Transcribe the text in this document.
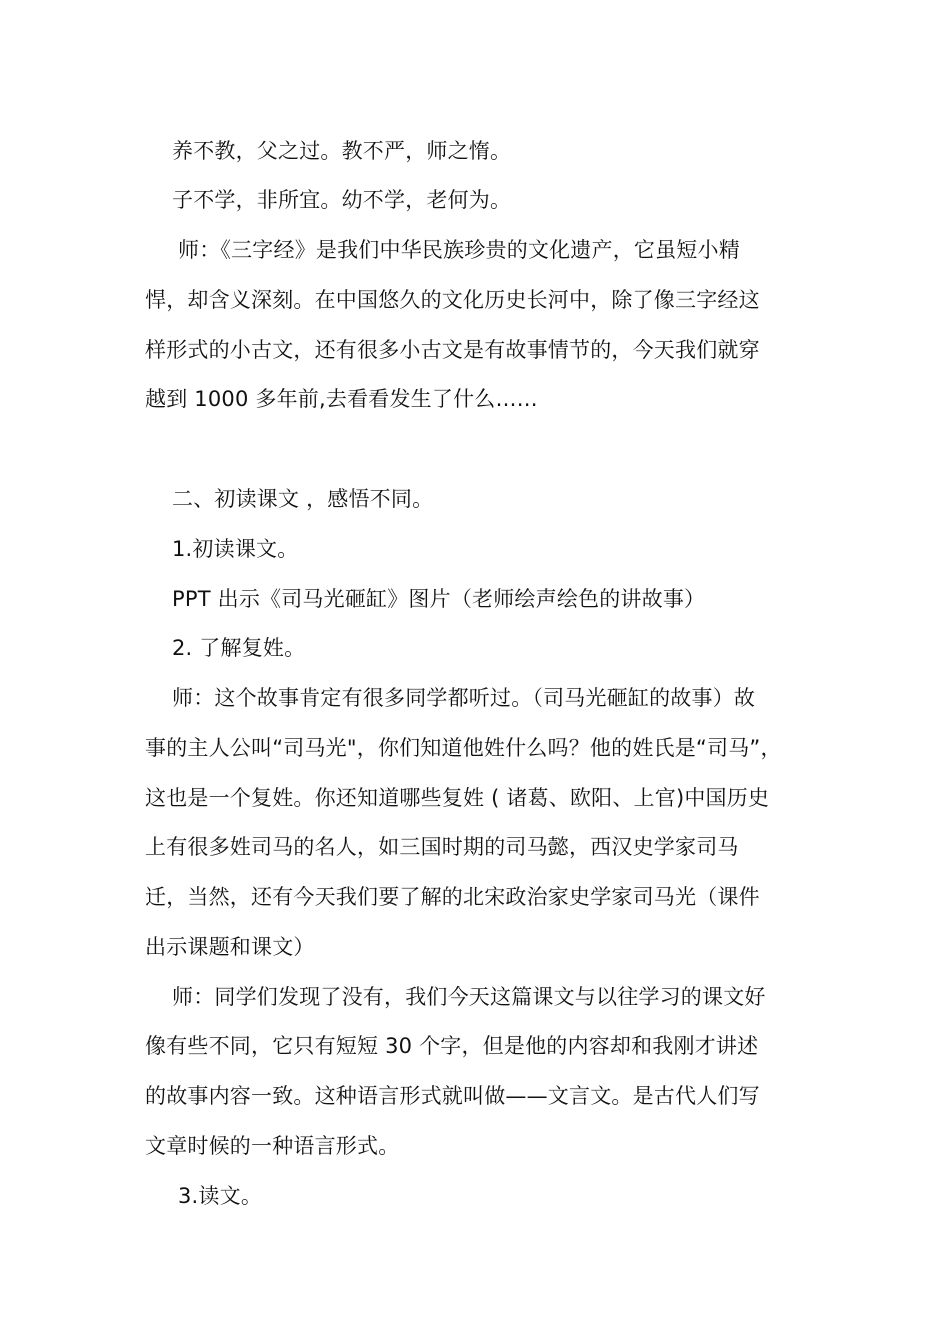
养不教，父之过。教不严，师之惰。
子不学，非所宜。幼不学，老何为。
师：《三字经》是我们中华民族珍贵的文化遗产，它虽短小精
悍，却含义深刻。在中国悠久的文化历史长河中，除了像三字经这
样形式的小古文，还有很多小古文是有故事情节的，今天我们就穿
越到 1000 多年前,去看看发生了什么……
二、初读课文 ，感悟不同。
1.初读课文。
PPT 出示《司马光砸缸》图片（老师绘声绘色的讲故事）
2. 了解复姓。
师：这个故事肯定有很多同学都听过。（司马光砸缸的故事）故
事的主人公叫“司马光"，你们知道他姓什么吗？他的姓氏是“司马”，
这也是一个复姓。你还知道哪些复姓 ( 诸葛、欧阳、上官)中国历史
上有很多姓司马的名人，如三国时期的司马懿，西汉史学家司马
迁，当然，还有今天我们要了解的北宋政治家史学家司马光（课件
出示课题和课文）
师：同学们发现了没有，我们今天这篇课文与以往学习的课文好
像有些不同，它只有短短 30 个字，但是他的内容却和我刚才讲述
的故事内容一致。这种语言形式就叫做——文言文。是古代人们写
文章时候的一种语言形式。
3.读文。
